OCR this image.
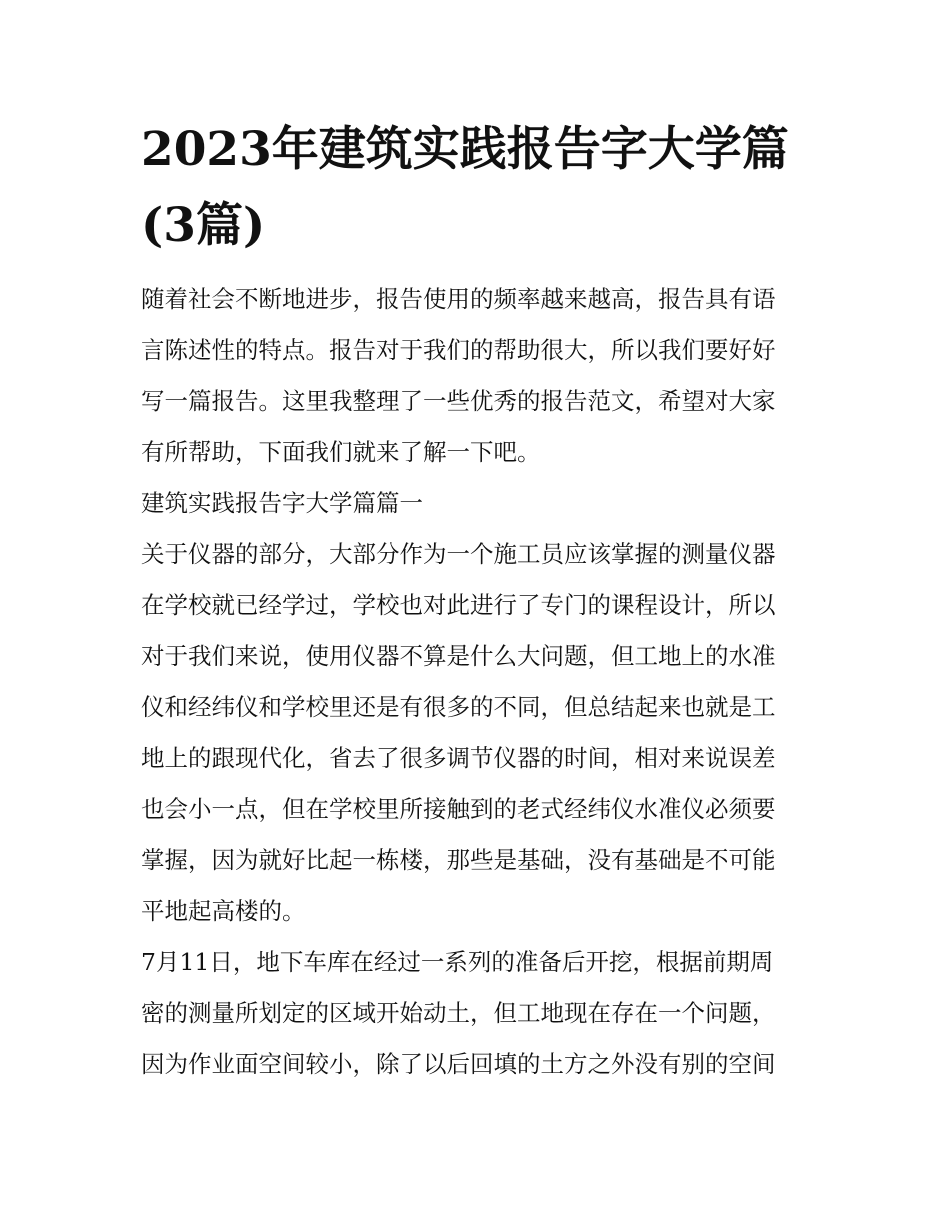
2023年建筑实践报告字大学篇
(3篇)
随着社会不断地进步，报告使用的频率越来越高，报告具有语
言陈述性的特点。报告对于我们的帮助很大，所以我们要好好
写一篇报告。这里我整理了一些优秀的报告范文，希望对大家
有所帮助，下面我们就来了解一下吧。
建筑实践报告字大学篇篇一
关于仪器的部分，大部分作为一个施工员应该掌握的测量仪器
在学校就已经学过，学校也对此进行了专门的课程设计，所以
对于我们来说，使用仪器不算是什么大问题，但工地上的水准
仪和经纬仪和学校里还是有很多的不同，但总结起来也就是工
地上的跟现代化，省去了很多调节仪器的时间，相对来说误差
也会小一点，但在学校里所接触到的老式经纬仪水准仪必须要
掌握，因为就好比起一栋楼，那些是基础，没有基础是不可能
平地起高楼的。
7月11日，地下车库在经过一系列的准备后开挖，根据前期周
密的测量所划定的区域开始动土，但工地现在存在一个问题，
因为作业面空间较小，除了以后回填的土方之外没有别的空间
